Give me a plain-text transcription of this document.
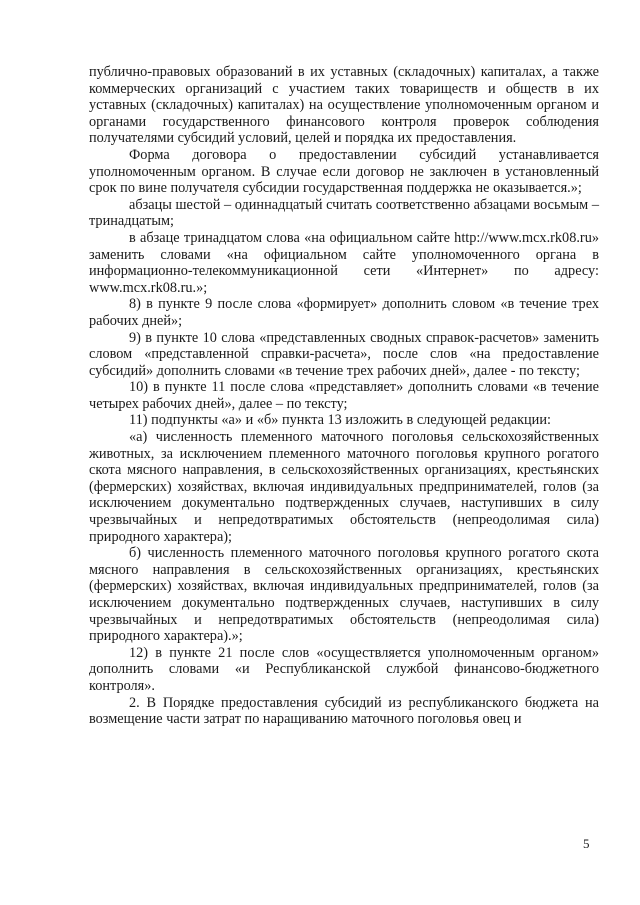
публично-правовых образований в их уставных (складочных) капиталах, а также коммерческих организаций с участием таких товариществ и обществ в их уставных (складочных) капиталах) на осуществление уполномоченным органом и органами государственного финансового контроля проверок соблюдения получателями субсидий условий, целей и порядка их предоставления.

Форма договора о предоставлении субсидий устанавливается уполномоченным органом. В случае если договор не заключен в установленный срок по вине получателя субсидии государственная поддержка не оказывается.»;

абзацы шестой – одиннадцатый считать соответственно абзацами восьмым – тринадцатым;

в абзаце тринадцатом слова «на официальном сайте http://www.mcx.rk08.ru» заменить словами «на официальном сайте уполномоченного органа в информационно-телекоммуникационной сети «Интернет» по адресу: www.mcx.rk08.ru.»;

8) в пункте 9 после слова «формирует» дополнить словом «в течение трех рабочих дней»;

9) в пункте 10 слова «представленных сводных справок-расчетов» заменить словом «представленной справки-расчета», после слов «на предоставление субсидий» дополнить словами «в течение трех рабочих дней», далее - по тексту;

10) в пункте 11 после слова «представляет» дополнить словами «в течение четырех рабочих дней», далее – по тексту;

11) подпункты «а» и «б» пункта 13 изложить в следующей редакции:

«а) численность племенного маточного поголовья сельскохозяйственных животных, за исключением племенного маточного поголовья крупного рогатого скота мясного направления, в сельскохозяйственных организациях, крестьянских (фермерских) хозяйствах, включая индивидуальных предпринимателей, голов (за исключением документально подтвержденных случаев, наступивших в силу чрезвычайных и непредотвратимых обстоятельств (непреодолимая сила) природного характера);

б) численность племенного маточного поголовья крупного рогатого скота мясного направления в сельскохозяйственных организациях, крестьянских (фермерских) хозяйствах, включая индивидуальных предпринимателей, голов (за исключением документально подтвержденных случаев, наступивших в силу чрезвычайных и непредотвратимых обстоятельств (непреодолимая сила) природного характера).»;

12) в пункте 21 после слов «осуществляется уполномоченным органом» дополнить словами «и Республиканской службой финансово-бюджетного контроля».

2. В Порядке предоставления субсидий из республиканского бюджета на возмещение части затрат по наращиванию маточного поголовья овец и

5
